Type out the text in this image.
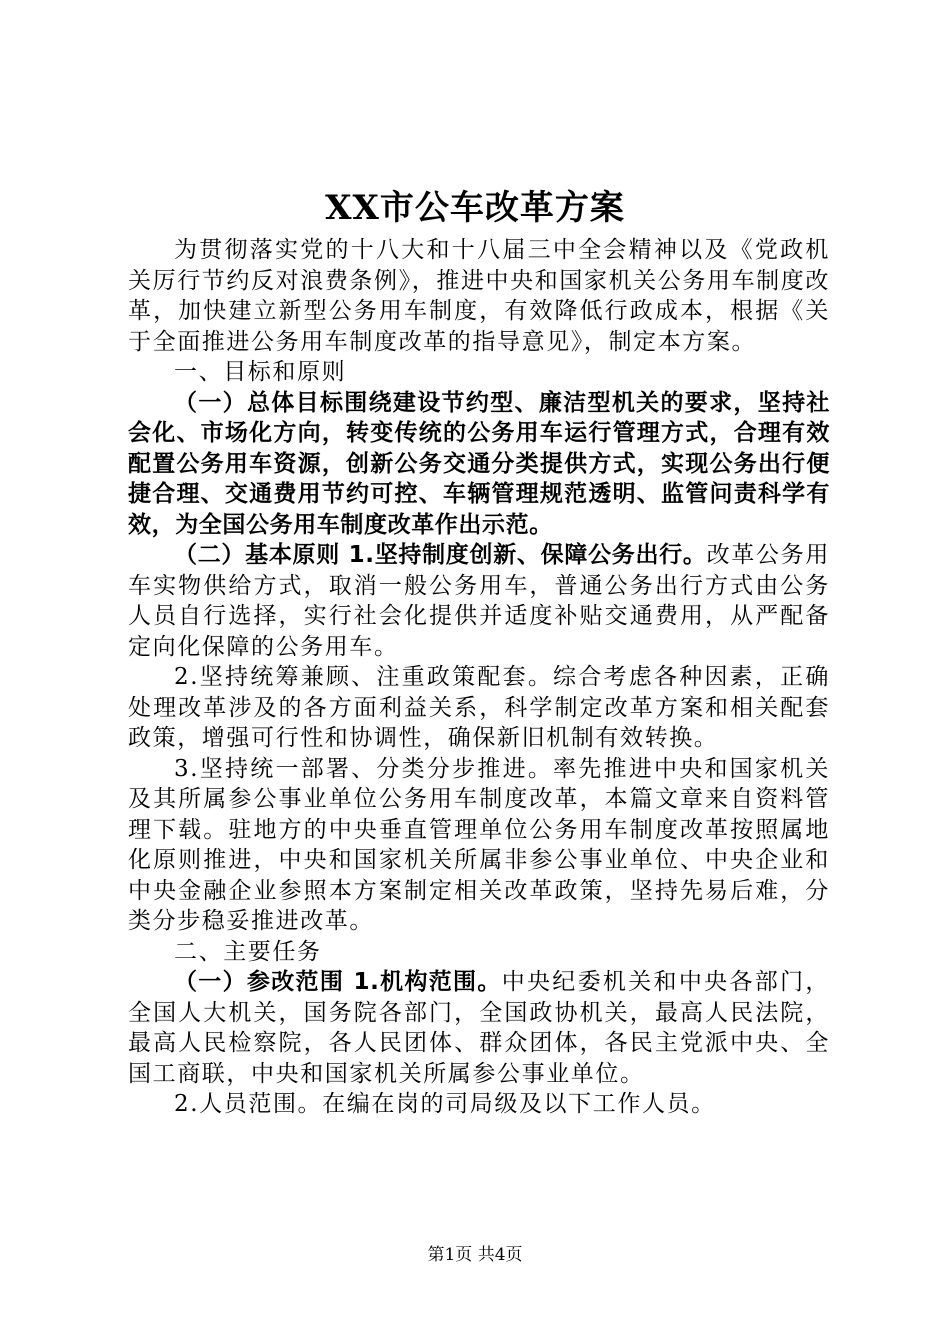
XX市公车改革方案

为贯彻落实党的十八大和十八届三中全会精神以及《党政机关厉行节约反对浪费条例》，推进中央和国家机关公务用车制度改革，加快建立新型公务用车制度，有效降低行政成本，根据《关于全面推进公务用车制度改革的指导意见》，制定本方案。

一、目标和原则

（一）总体目标围绕建设节约型、廉洁型机关的要求，坚持社会化、市场化方向，转变传统的公务用车运行管理方式，合理有效配置公务用车资源，创新公务交通分类提供方式，实现公务出行便捷合理、交通费用节约可控、车辆管理规范透明、监管问责科学有效，为全国公务用车制度改革作出示范。

（二）基本原则 1.坚持制度创新、保障公务出行。改革公务用车实物供给方式，取消一般公务用车，普通公务出行方式由公务人员自行选择，实行社会化提供并适度补贴交通费用，从严配备定向化保障的公务用车。

2.坚持统筹兼顾、注重政策配套。综合考虑各种因素，正确处理改革涉及的各方面利益关系，科学制定改革方案和相关配套政策，增强可行性和协调性，确保新旧机制有效转换。

3.坚持统一部署、分类分步推进。率先推进中央和国家机关及其所属参公事业单位公务用车制度改革，本篇文章来自资料管理下载。驻地方的中央垂直管理单位公务用车制度改革按照属地化原则推进，中央和国家机关所属非参公事业单位、中央企业和中央金融企业参照本方案制定相关改革政策，坚持先易后难，分类分步稳妥推进改革。

二、主要任务

（一）参改范围 1.机构范围。中央纪委机关和中央各部门，全国人大机关，国务院各部门，全国政协机关，最高人民法院，最高人民检察院，各人民团体、群众团体，各民主党派中央、全国工商联，中央和国家机关所属参公事业单位。

2.人员范围。在编在岗的司局级及以下工作人员。

第1页 共4页
